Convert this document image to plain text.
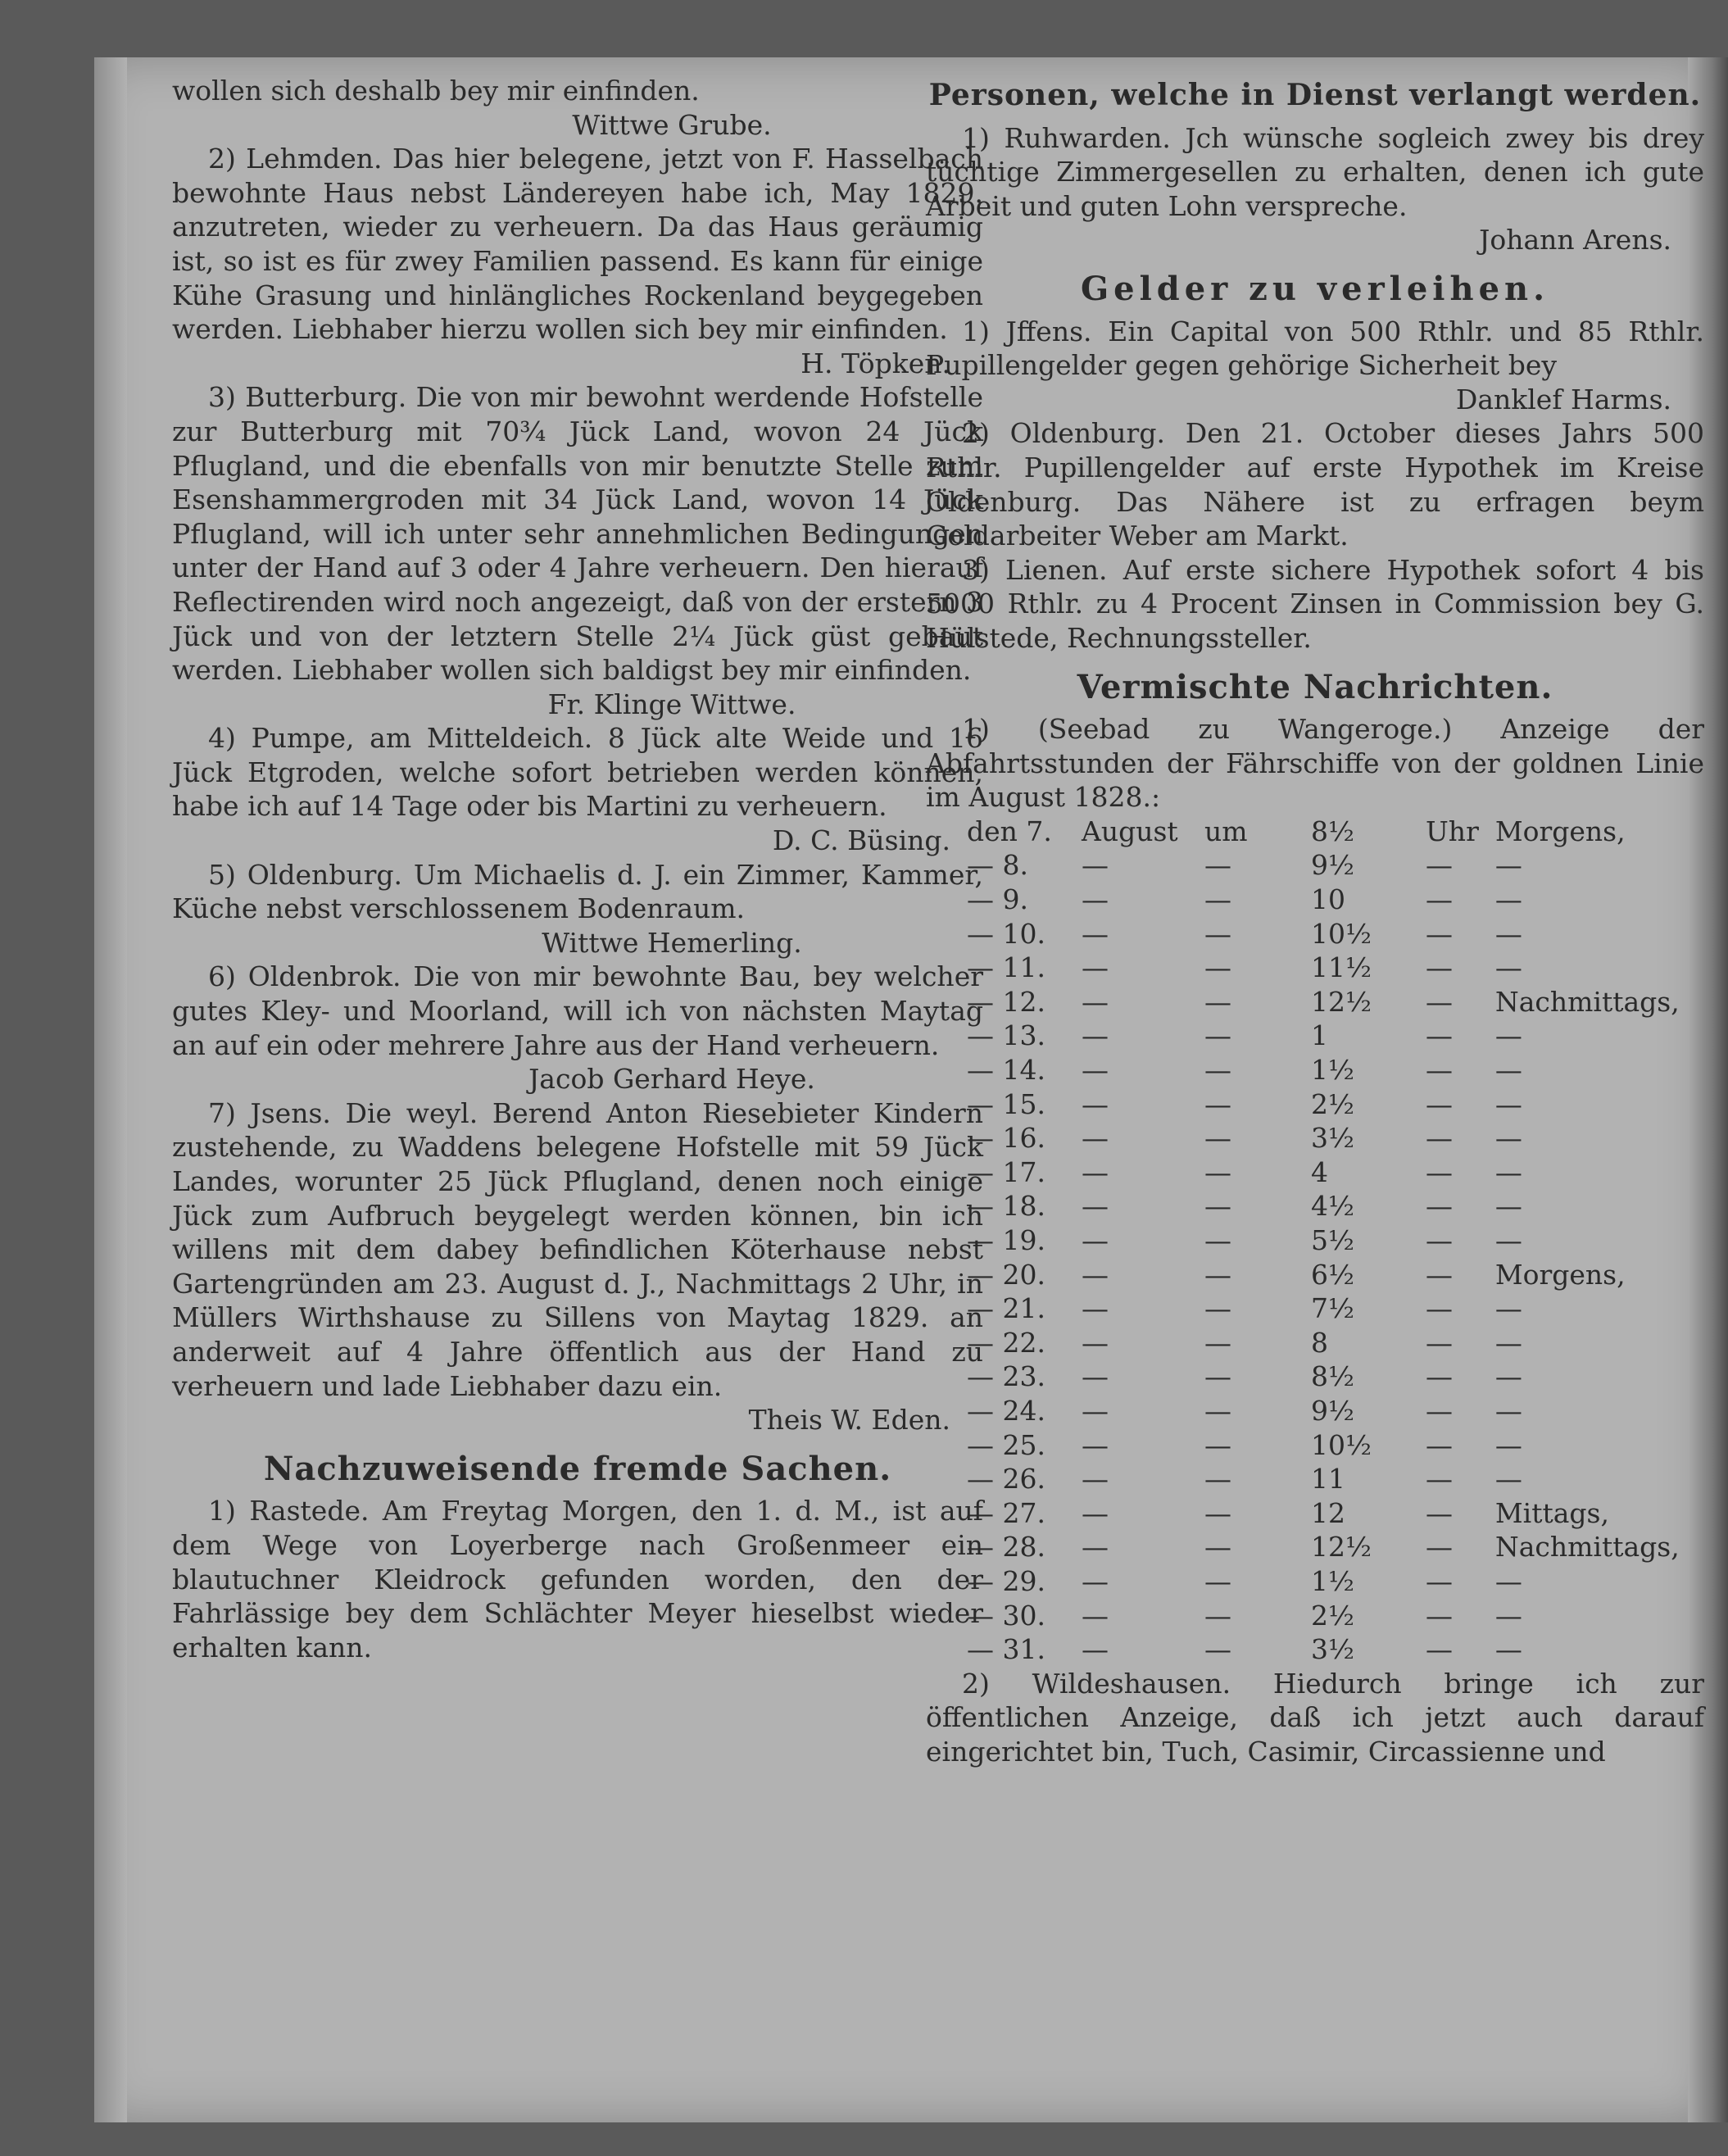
wollen sich deshalb bey mir einfinden.

Wittwe Grube.

2) Lehmden. Das hier belegene, jetzt von F. Hasselbach bewohnte Haus nebst Ländereyen habe ich, May 1829. anzutreten, wieder zu verheuern. Da das Haus geräumig ist, so ist es für zwey Familien passend. Es kann für einige Kühe Grasung und hinlängliches Rockenland beygegeben werden. Liebhaber hierzu wollen sich bey mir einfinden.

H. Töpken.

3) Butterburg. Die von mir bewohnt werdende Hofstelle zur Butterburg mit 70¾ Jück Land, wovon 24 Jück Pflugland, und die ebenfalls von mir benutzte Stelle zum Esenshammergroden mit 34 Jück Land, wovon 14 Jück Pflugland, will ich unter sehr annehmlichen Bedingungen unter der Hand auf 3 oder 4 Jahre verheuern. Den hierauf Reflectirenden wird noch angezeigt, daß von der erstern 3 Jück und von der letztern Stelle 2¼ Jück güst gebaut werden. Liebhaber wollen sich baldigst bey mir einfinden.

Fr. Klinge Wittwe.

4) Pumpe, am Mitteldeich. 8 Jück alte Weide und 16 Jück Etgroden, welche sofort betrieben werden können, habe ich auf 14 Tage oder bis Martini zu verheuern.

D. C. Büsing.

5) Oldenburg. Um Michaelis d. J. ein Zimmer, Kammer, Küche nebst verschlossenem Bodenraum.

Wittwe Hemerling.

6) Oldenbrok. Die von mir bewohnte Bau, bey welcher gutes Kley- und Moorland, will ich von nächsten Maytag an auf ein oder mehrere Jahre aus der Hand verheuern.

Jacob Gerhard Heye.

7) Jsens. Die weyl. Berend Anton Riesebieter Kindern zustehende, zu Waddens belegene Hofstelle mit 59 Jück Landes, worunter 25 Jück Pflugland, denen noch einige Jück zum Aufbruch beygelegt werden können, bin ich willens mit dem dabey befindlichen Köterhause nebst Gartengründen am 23. August d. J., Nachmittags 2 Uhr, in Müllers Wirthshause zu Sillens von Maytag 1829. an anderweit auf 4 Jahre öffentlich aus der Hand zu verheuern und lade Liebhaber dazu ein.

Theis W. Eden.

Nachzuweisende fremde Sachen.

1) Rastede. Am Freytag Morgen, den 1. d. M., ist auf dem Wege von Loyerberge nach Großenmeer ein blautuchner Kleidrock gefunden worden, den der Fahrlässige bey dem Schlächter Meyer hieselbst wieder erhalten kann.

Personen, welche in Dienst verlangt werden.

1) Ruhwarden. Jch wünsche sogleich zwey bis drey tüchtige Zimmergesellen zu erhalten, denen ich gute Arbeit und guten Lohn verspreche.

Johann Arens.

Gelder zu verleihen.

1) Jffens. Ein Capital von 500 Rthlr. und 85 Rthlr. Pupillengelder gegen gehörige Sicherheit bey

Danklef Harms.

2) Oldenburg. Den 21. October dieses Jahrs 500 Rthlr. Pupillengelder auf erste Hypothek im Kreise Oldenburg. Das Nähere ist zu erfragen beym Goldarbeiter Weber am Markt.

3) Lienen. Auf erste sichere Hypothek sofort 4 bis 5000 Rthlr. zu 4 Procent Zinsen in Commission bey G. Hülstede, Rechnungssteller.

Vermischte Nachrichten.

1) (Seebad zu Wangeroge.) Anzeige der Abfahrtsstunden der Fährschiffe von der goldnen Linie im August 1828.:

den 7.	August	um	8½	Uhr	Morgens,
— 8.	—	—	9½	—	—
— 9.	—	—	10	—	—
— 10.	—	—	10½	—	—
— 11.	—	—	11½	—	—
— 12.	—	—	12½	—	Nachmittags,
— 13.	—	—	1	—	—
— 14.	—	—	1½	—	—
— 15.	—	—	2½	—	—
— 16.	—	—	3½	—	—
— 17.	—	—	4	—	—
— 18.	—	—	4½	—	—
— 19.	—	—	5½	—	—
— 20.	—	—	6½	—	Morgens,
— 21.	—	—	7½	—	—
— 22.	—	—	8	—	—
— 23.	—	—	8½	—	—
— 24.	—	—	9½	—	—
— 25.	—	—	10½	—	—
— 26.	—	—	11	—	—
— 27.	—	—	12	—	Mittags,
— 28.	—	—	12½	—	Nachmittags,
— 29.	—	—	1½	—	—
— 30.	—	—	2½	—	—
— 31.	—	—	3½	—	—

2) Wildeshausen. Hiedurch bringe ich zur öffentlichen Anzeige, daß ich jetzt auch darauf eingerichtet bin, Tuch, Casimir, Circassienne und
